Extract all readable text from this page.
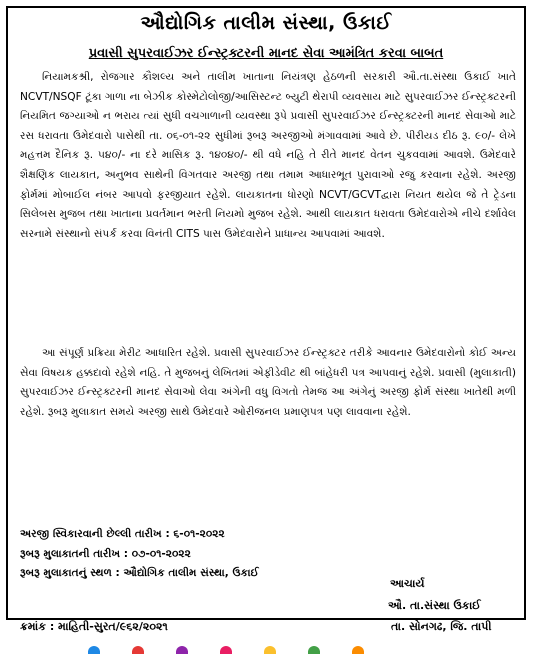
ઔદ્યોગિક તાલીમ સંસ્થા, ઉકાઈ
પ્રવાસી સુપરવાઈઝર ઈન્સ્ટ્રક્ટરની માનદ સેવા આમંત્રિત કરવા બાબત

નિયામકશ્રી, રોજગાર કૌશલ્ય અને તાલીમ ખાતાના નિયંત્રણ હેઠળની સરકારી ઔ.તા.સંસ્થા ઉકાઈ ખાતે NCVT/NSQF ટૂંકા ગાળા ના બેઝીક કોસ્મેટોલોજી/આસિસ્ટન્ટ બ્યુટી થેરાપી વ્યવસાય માટે સુપરવાઈઝર ઈન્સ્ટ્રક્ટરની નિયમિત જગ્યાઓ ન ભરાય ત્યાં સુધી વચગાળાની વ્યવસ્થા રૂપે પ્રવાસી સુપરવાઈઝર ઈન્સ્ટ્રક્ટરની માનદ સેવાઓ માટે રસ ધરાવતા ઉમેદવારો પાસેથી તા. ૦૬-૦૧-૨૨ સુધીમાં રૂબરૂ અરજીઓ મંગાવવામાં આવે છે. પીરીયડ દીઠ રૂ. ૯૦/- લેખે મહત્તમ દૈનિક રૂ. ૫૪૦/- ના દરે માસિક રૂ. ૧૪૦૪૦/- થી વધે નહિ તે રીતે માનદ વેતન ચુકવવામાં આવશે. ઉમેદવારે શૈક્ષણિક લાયકાત, અનુભવ સાથેની વિગતવાર અરજી તથા તમામ આધારભૂત પુરાવાઓ રજુ કરવાના રહેશે. અરજી ફોર્મમાં મોબાઈલ નંબર આપવો ફરજીયાત રહેશે. લાયકાતના ધોરણો NCVT/GCVTદ્વારા નિયત થયેલ જે તે ટ્રેડના સિલેબસ મુજબ તથા ખાતાના પ્રવર્તમાન ભરતી નિયમો મુજબ રહેશે. આથી લાયકાત ધરાવતા ઉમેદવારોએ નીચે દર્શાવેલ સરનામે સંસ્થાનો સંપર્ક કરવા વિનંતી CITS પાસ ઉમેદવારોને પ્રાધાન્ય આપવામાં આવશે.

આ સંપૂર્ણ પ્રક્રિયા મેરીટ આધારિત રહેશે. પ્રવાસી સુપરવાઈઝર ઈન્સ્ટ્રક્ટર તરીકે આવનાર ઉમેદવારોનો કોઈ અન્ય સેવા વિષયક હક્કદાવો રહેશે નહિ. તે મુજબનું લેખિતમાં એફીડેવીટ થી બાંહેધરી પત્ર આપવાનું રહેશે. પ્રવાસી (મુલાકાતી) સુપરવાઈઝર ઈન્સ્ટ્રક્ટરની માનદ સેવાઓ લેવા અંગેની વધુ વિગતો તેમજ આ અંગેનું અરજી ફોર્મ સંસ્થા ખાતેથી મળી રહેશે. રૂબરૂ મુલાકાત સમયે અરજી સાથે ઉમેદવારે ઓરીજનલ પ્રમાણપત્ર પણ લાવવાના રહેશે.

અરજી સ્વિકારવાની છેલ્લી તારીખ : ૬-૦૧-૨૦૨૨
રૂબરૂ મુલાકાતની તારીખ : ૦૭-૦૧-૨૦૨૨
રૂબરૂ મુલાકાતનું સ્થળ : ઔદ્યોગિક તાલીમ સંસ્થા, ઉકાઈ
આચાર્ય
ઔ. તા.સંસ્થા ઉકાઈ
તા. સોનગઢ, જિ. તાપી
ક્રમાંક : માહિતી-સુરત/૯૬૨/૨૦૨૧
